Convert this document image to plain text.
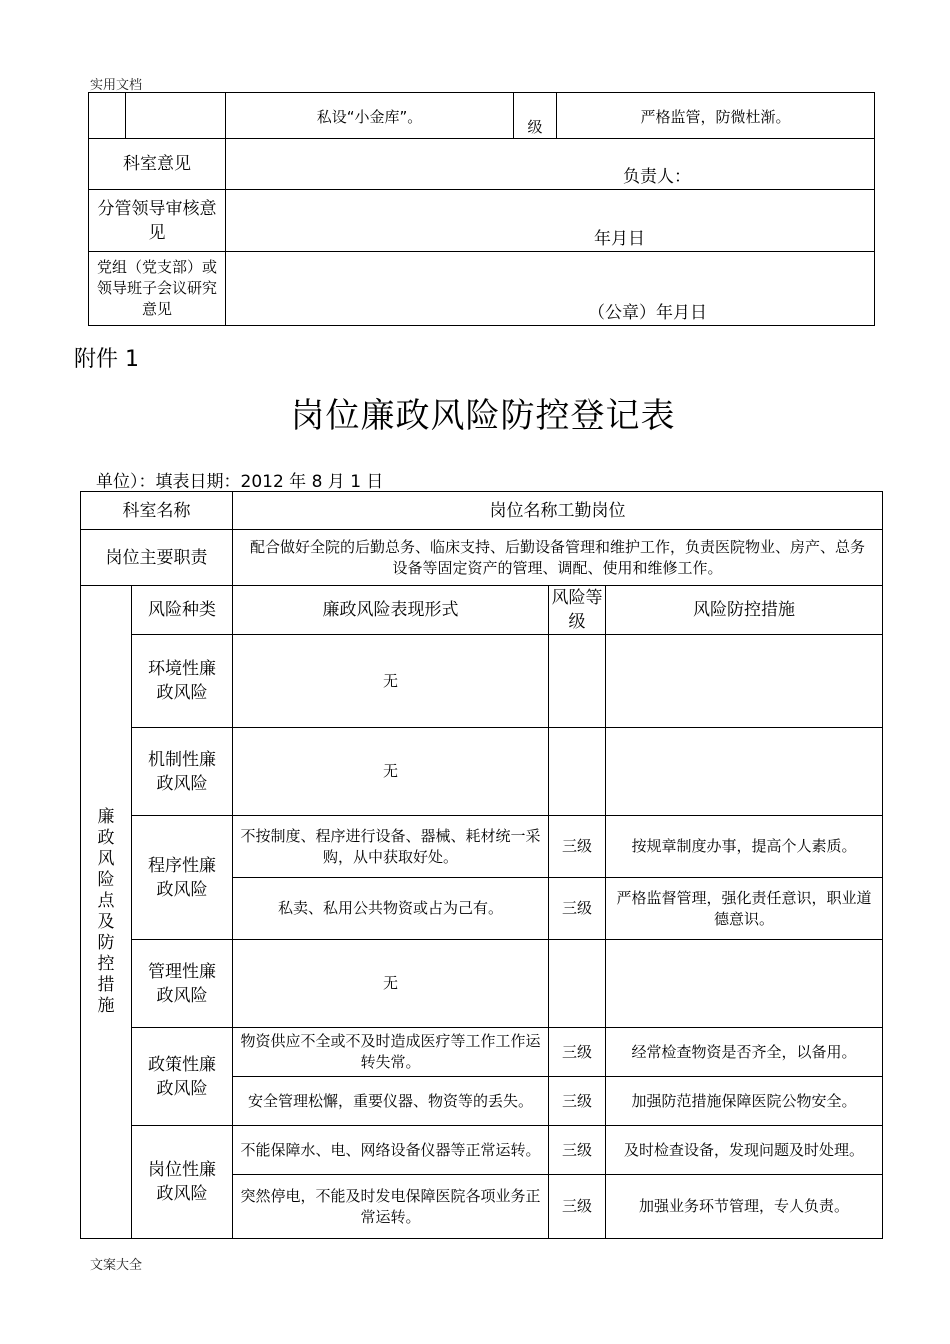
实用文档
		私设“小金库”。	级	严格监管，防微杜渐。
科室意见		负责人：		

分管领导审核意见		年月日		

党组（党支部）或领导班子会议研究意见		（公章）年月日		
附件 1
岗位廉政风险防控登记表
单位）：填表日期：2012 年 8 月 1 日
科室名称		岗位名称工勤岗位		
岗位主要职责		配合做好全院的后勤总务、临床支持、后勤设备管理和维护工作，负责医院物业、房产、总务设备等固定资产的管理、调配、使用和维修工作。		

廉政风险点及防控措施	风险种类	廉政风险表现形式	风险等级	风险防控措施

	环境性廉政风险	无		

	机制性廉政风险	无		

	程序性廉政风险	不按制度、程序进行设备、器械、耗材统一采购，从中获取好处。	三级	按规章制度办事，提高个人素质。
		私卖、私用公共物资或占为己有。	三级	严格监督管理，强化责任意识，职业道德意识。

	管理性廉政风险	无		

	政策性廉政风险	物资供应不全或不及时造成医疗等工作工作运转失常。	三级	经常检查物资是否齐全，以备用。
		安全管理松懈，重要仪器、物资等的丢失。	三级	加强防范措施保障医院公物安全。

	岗位性廉政风险	不能保障水、电、网络设备仪器等正常运转。	三级	及时检查设备，发现问题及时处理。
		突然停电，不能及时发电保障医院各项业务正常运转。	三级	加强业务环节管理，专人负责。
文案大全
